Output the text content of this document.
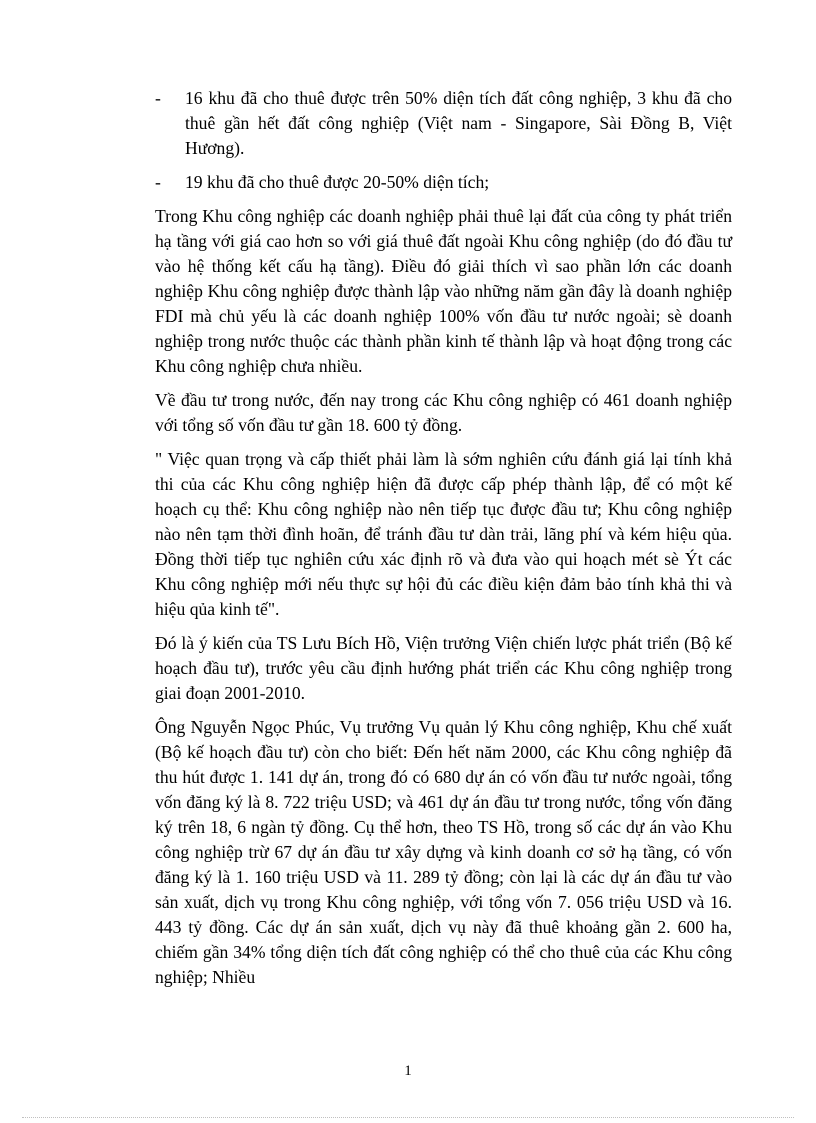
-	16 khu đã cho thuê được trên 50% diện tích đất công nghiệp, 3 khu đã cho thuê gần hết đất công nghiệp (Việt nam - Singapore, Sài Đồng B, Việt Hương).
-	19 khu đã cho thuê được 20-50% diện tích;

Trong Khu công nghiệp các doanh nghiệp phải thuê lại đất của công ty phát triển hạ tầng với giá cao hơn so với giá thuê đất ngoài Khu công nghiệp (do đó đầu tư vào hệ thống kết cấu hạ tầng). Điều đó giải thích vì sao phần lớn các doanh nghiệp Khu công nghiệp được thành lập vào những năm gần đây là doanh nghiệp FDI mà chủ yếu là các doanh nghiệp 100% vốn đầu tư nước ngoài; sè doanh nghiệp trong nước thuộc các thành phần kinh tế thành lập và hoạt động trong các Khu công nghiệp chưa nhiều.

Về đầu tư trong nước, đến nay trong các Khu công nghiệp có 461 doanh nghiệp với tổng số vốn đầu tư gần 18. 600 tỷ đồng.

" Việc quan trọng và cấp thiết phải làm là sớm nghiên cứu đánh giá lại tính khả thi của các Khu công nghiệp hiện đã được cấp phép thành lập, để có một kế hoạch cụ thể: Khu công nghiệp nào nên tiếp tục được đầu tư; Khu công nghiệp nào nên tạm thời đình hoãn, để tránh đầu tư dàn trải, lãng phí và kém hiệu qủa. Đồng thời tiếp tục nghiên cứu xác định rõ và đưa vào qui hoạch mét sè Ýt các Khu công nghiệp mới nếu thực sự hội đủ các điều kiện đảm bảo tính khả thi và hiệu qủa kinh tế".

Đó là ý kiến của TS Lưu Bích Hồ, Viện trưởng Viện chiến lược phát triển (Bộ kế hoạch đầu tư), trước yêu cầu định hướng phát triển các Khu công nghiệp trong giai đoạn 2001-2010.

Ông Nguyễn Ngọc Phúc, Vụ trưởng Vụ quản lý Khu công nghiệp, Khu chế xuất (Bộ kế hoạch đầu tư) còn cho biết: Đến hết năm 2000, các Khu công nghiệp đã thu hút được 1. 141 dự án, trong đó có 680 dự án có vốn đầu tư nước ngoài, tổng vốn đăng ký là 8. 722 triệu USD; và 461 dự án đầu tư trong nước, tổng vốn đăng ký trên 18, 6 ngàn tỷ đồng. Cụ thể hơn, theo TS Hồ, trong số các dự án vào Khu công nghiệp trừ 67 dự án đầu tư xây dựng và kinh doanh cơ sở hạ tầng, có vốn đăng ký là 1. 160 triệu USD và 11. 289 tỷ đồng; còn lại là các dự án đầu tư vào sản xuất, dịch vụ trong Khu công nghiệp, với tổng vốn 7. 056 triệu USD và 16. 443 tỷ đồng. Các dự án sản xuất, dịch vụ này đã thuê khoảng gần 2. 600 ha, chiếm gần 34% tổng diện tích đất công nghiệp có thể cho thuê của các Khu công nghiệp; Nhiều

1
